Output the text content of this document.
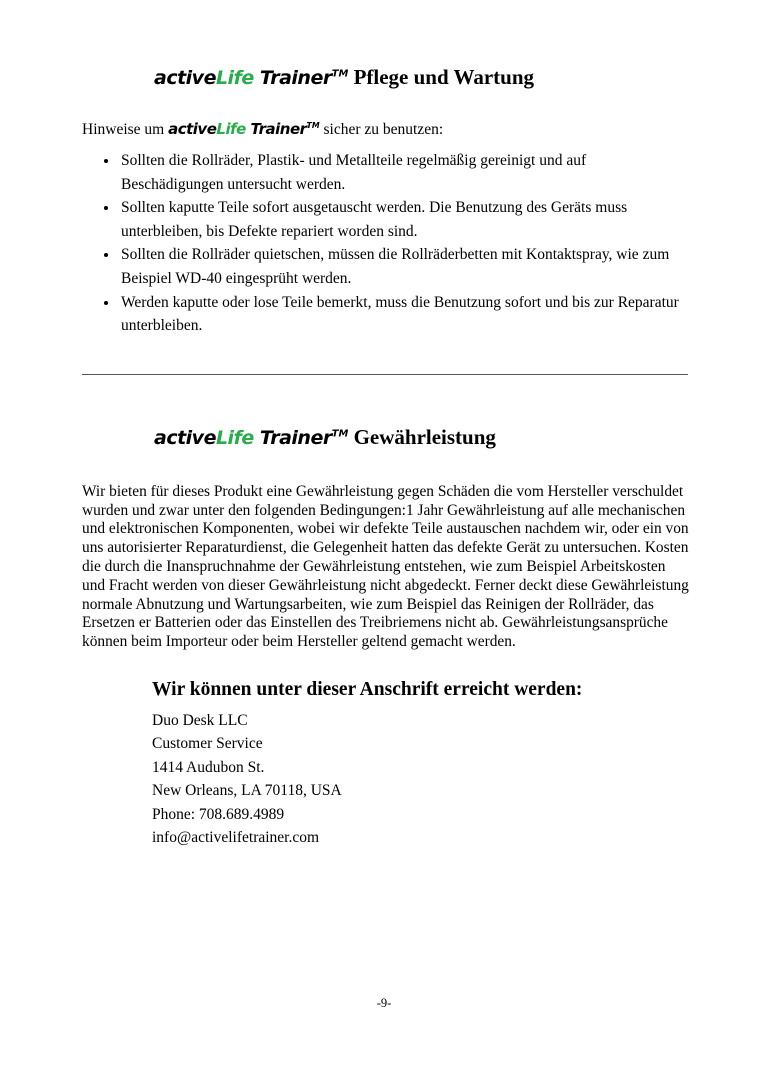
activeLife Trainer™ Pflege und Wartung
Hinweise um activeLife Trainer™ sicher zu benutzen:
• Sollten die Rollräder, Plastik- und Metallteile regelmäßig gereinigt und auf Beschädigungen untersucht werden.
• Sollten kaputte Teile sofort ausgetauscht werden. Die Benutzung des Geräts muss unterbleiben, bis Defekte repariert worden sind.
• Sollten die Rollräder quietschen, müssen die Rollräderbetten mit Kontaktspray, wie zum Beispiel WD-40 eingesprüht werden.
• Werden kaputte oder lose Teile bemerkt, muss die Benutzung sofort und bis zur Reparatur unterbleiben.
activeLife Trainer™ Gewährleistung

Wir bieten für dieses Produkt eine Gewährleistung gegen Schäden die vom Hersteller verschuldet wurden und zwar unter den folgenden Bedingungen:1 Jahr Gewährleistung auf alle mechanischen und elektronischen Komponenten, wobei wir defekte Teile austauschen nachdem wir, oder ein von uns autorisierter Reparaturdienst, die Gelegenheit hatten das defekte Gerät zu untersuchen. Kosten die durch die Inanspruchnahme der Gewährleistung entstehen, wie zum Beispiel Arbeitskosten und Fracht werden von dieser Gewährleistung nicht abgedeckt. Ferner deckt diese Gewährleistung normale Abnutzung und Wartungsarbeiten, wie zum Beispiel das Reinigen der Rollräder, das Ersetzen er Batterien oder das Einstellen des Treibriemens nicht ab. Gewährleistungsansprüche können beim Importeur oder beim Hersteller geltend gemacht werden.

Wir können unter dieser Anschrift erreicht werden:
Duo Desk LLC
Customer Service
1414 Audubon St.
New Orleans, LA 70118, USA
Phone: 708.689.4989
info@activelifetrainer.com
-9-
